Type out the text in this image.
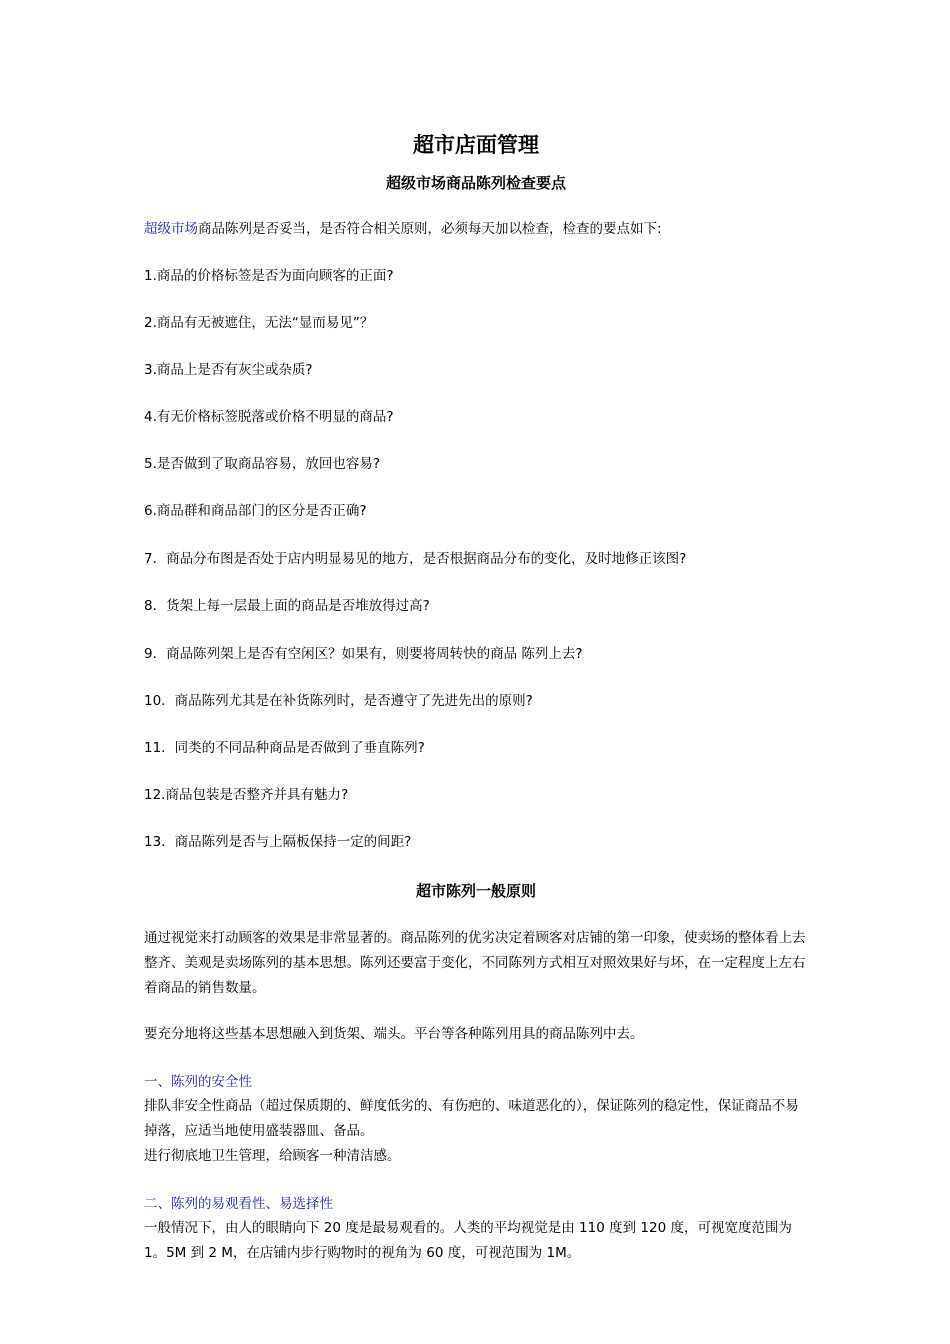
超市店面管理
超级市场商品陈列检查要点
超级市场商品陈列是否妥当，是否符合相关原则，必须每天加以检查，检查的要点如下:
1.商品的价格标签是否为面向顾客的正面?
2.商品有无被遮住，无法“显而易见”？
3.商品上是否有灰尘或杂质?
4.有无价格标签脱落或价格不明显的商品?
5.是否做到了取商品容易，放回也容易?
6.商品群和商品部门的区分是否正确?
7．商品分布图是否处于店内明显易见的地方，是否根据商品分布的变化，及时地修正该图?
8．货架上每一层最上面的商品是否堆放得过高?
9．商品陈列架上是否有空闲区？如果有，则要将周转快的商品 陈列上去?
10．商品陈列尤其是在补货陈列时，是否遵守了先进先出的原则?
11．同类的不同品种商品是否做到了垂直陈列?
12.商品包装是否整齐并具有魅力?
13．商品陈列是否与上隔板保持一定的间距?
超市陈列一般原则
通过视觉来打动顾客的效果是非常显著的。商品陈列的优劣决定着顾客对店铺的第一印象，使卖场的整体看上去整齐、美观是卖场陈列的基本思想。陈列还要富于变化，不同陈列方式相互对照效果好与坏，在一定程度上左右着商品的销售数量。
要充分地将这些基本思想融入到货架、端头。平台等各种陈列用具的商品陈列中去。
一、陈列的安全性
排队非安全性商品（超过保质期的、鲜度低劣的、有伤疤的、味道恶化的），保证陈列的稳定性，保证商品不易掉落，应适当地使用盛装器皿、备品。
进行彻底地卫生管理，给顾客一种清洁感。
二、陈列的易观看性、易选择性
一般情况下，由人的眼睛向下 20 度是最易观看的。人类的平均视觉是由 110 度到 120 度，可视宽度范围为 1。5M 到 2 M，在店铺内步行购物时的视角为 60 度，可视范围为 1M。
